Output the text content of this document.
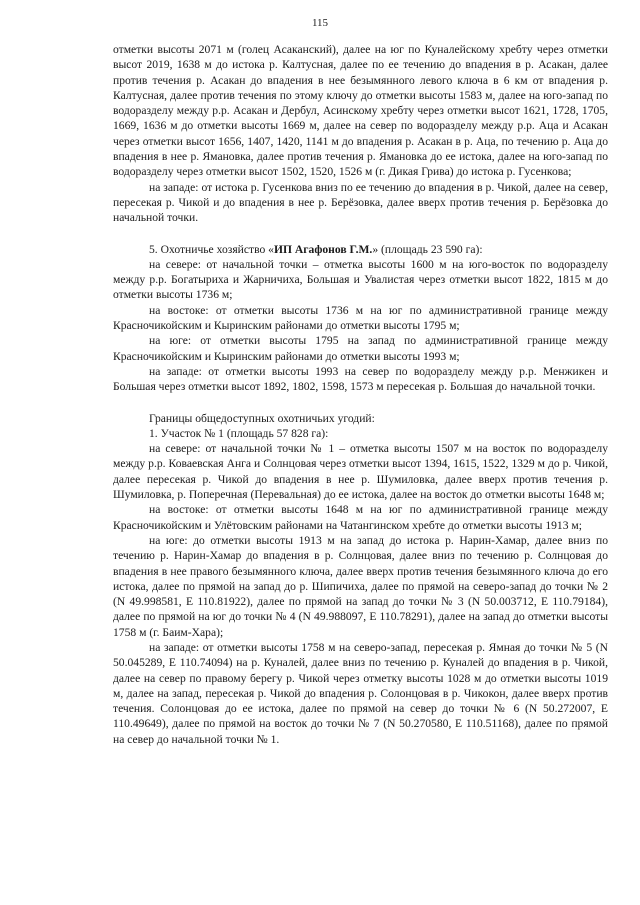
115

отметки высоты 2071 м (голец Асаканский), далее на юг по Куналейскому хребту через отметки высот 2019, 1638 м до истока р. Калтусная, далее по ее течению до впадения в р. Асакан, далее против течения р. Асакан до впадения в нее безымянного левого ключа в 6 км от впадения р. Калтусная, далее против течения по этому ключу до отметки высоты 1583 м, далее на юго-запад по водоразделу между р.р. Асакан и Дербул, Асинскому хребту через отметки высот 1621, 1728, 1705, 1669, 1636 м до отметки высоты 1669 м, далее на север по водоразделу между р.р. Аца и Асакан через отметки высот 1656, 1407, 1420, 1141 м до впадения р. Асакан в р. Аца, по течению р. Аца до впадения в нее р. Ямановка, далее против течения р. Ямановка до ее истока, далее на юго-запад по водоразделу через отметки высот 1502, 1520, 1526 м (г. Дикая Грива) до истока р. Гусенкова;

на западе: от истока р. Гусенкова вниз по ее течению до впадения в р. Чикой, далее на север, пересекая р. Чикой и до впадения в нее р. Берёзовка, далее вверх против течения р. Берёзовка до начальной точки.

5. Охотничье хозяйство «ИП Агафонов Г.М.» (площадь 23 590 га):

на севере: от начальной точки – отметка высоты 1600 м на юго-восток по водоразделу между р.р. Богатыриха и Жарничиха, Большая и Увалистая через отметки высот 1822, 1815 м до отметки высоты 1736 м;

на востоке: от отметки высоты 1736 м на юг по административной границе между Красночикойским и Кыринским районами до отметки высоты 1795 м;

на юге: от отметки высоты 1795 на запад по административной границе между Красночикойским и Кыринским районами до отметки высоты 1993 м;

на западе: от отметки высоты 1993 на север по водоразделу между р.р. Менжикен и Большая через отметки высот 1892, 1802, 1598, 1573 м пересекая р. Большая до начальной точки.

Границы общедоступных охотничьих угодий:

1. Участок № 1 (площадь 57 828 га):

на севере: от начальной точки № 1 – отметка высоты 1507 м на восток по водоразделу между р.р. Коваевская Анга и Солнцовая через отметки высот 1394, 1615, 1522, 1329 м до р. Чикой, далее пересекая р. Чикой до впадения в нее р. Шумиловка, далее вверх против течения р. Шумиловка, р. Поперечная (Перевальная) до ее истока, далее на восток до отметки высоты 1648 м;

на востоке: от отметки высоты 1648 м на юг по административной границе между Красночикойским и Улётовским районами на Чатангинском хребте до отметки высоты 1913 м;

на юге: до отметки высоты 1913 м на запад до истока р. Нарин-Хамар, далее вниз по течению р. Нарин-Хамар до впадения в р. Солнцовая, далее вниз по течению р. Солнцовая до впадения в нее правого безымянного ключа, далее вверх против течения безымянного ключа до его истока, далее по прямой на запад до р. Шипичиха, далее по прямой на северо-запад до точки № 2 (N 49.998581, E 110.81922), далее по прямой на запад до точки № 3 (N 50.003712, E 110.79184), далее по прямой на юг до точки № 4 (N 49.988097, E 110.78291), далее на запад до отметки высоты 1758 м (г. Баим-Хара);

на западе: от отметки высоты 1758 м на северо-запад, пересекая р. Ямная до точки № 5 (N 50.045289, E 110.74094) на р. Куналей, далее вниз по течению р. Куналей до впадения в р. Чикой, далее на север по правому берегу р. Чикой через отметку высоты 1028 м до отметки высоты 1019 м, далее на запад, пересекая р. Чикой до впадения р. Солонцовая в р. Чикокон, далее вверх против течения. Солонцовая до ее истока, далее по прямой на север до точки № 6 (N 50.272007, E 110.49649), далее по прямой на восток до точки № 7 (N 50.270580, E 110.51168), далее по прямой на север до начальной точки № 1.
